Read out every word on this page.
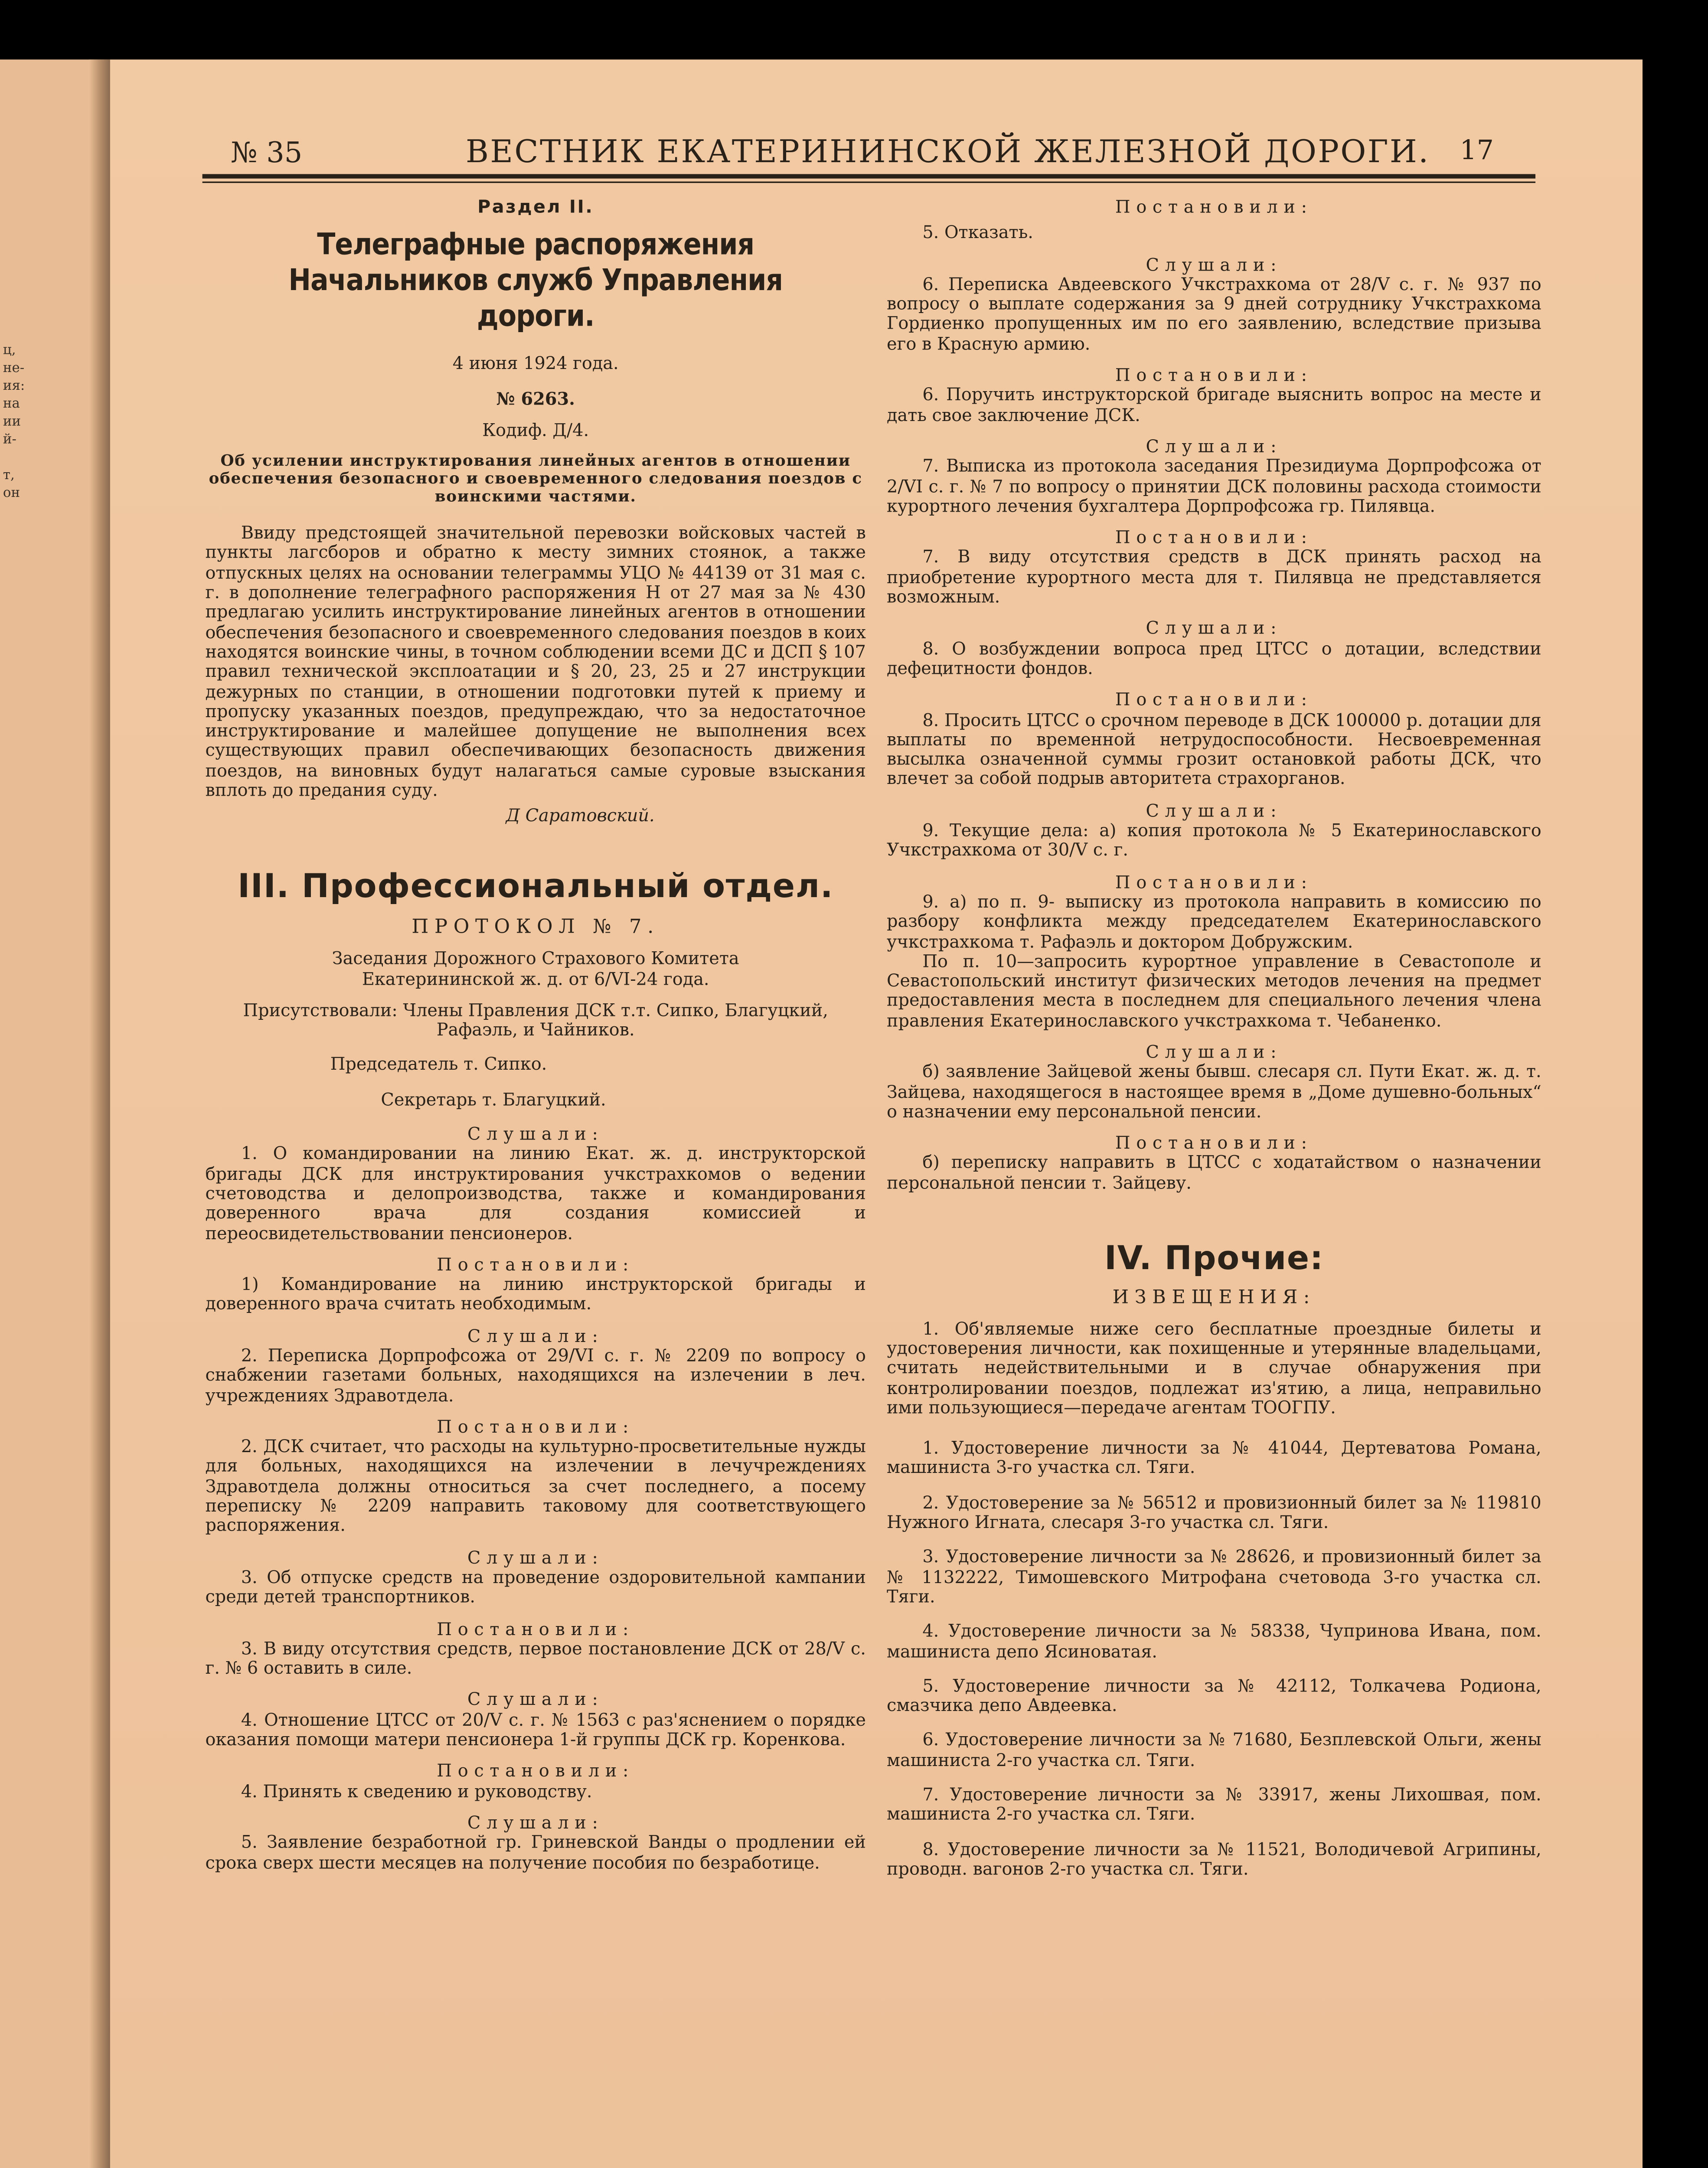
ц,
не-
ия:
на
ии
й-
т,
он
№ 35	ВЕСТНИК ЕКАТЕРИНИНСКОЙ ЖЕЛЕЗНОЙ ДОРОГИ.	17
Раздел II.
Телеграфные распоряжения Начальников служб Управления дороги.
4 июня 1924 года.
№ 6263.
Кодиф. Д/4.
Об усилении инструктирования линейных агентов в отношении обеспечения безопасного и своевременного следования поездов с воинскими частями.

Ввиду предстоящей значительной перевозки войсковых частей в пункты лагсборов и обратно к месту зимних стоянок, а также отпускных целях на основании телеграммы УЦО № 44139 от 31 мая с. г. в дополнение телеграфного распоряжения Н от 27 мая за № 430 предлагаю усилить инструктирование линейных агентов в отношении обеспечения безопасного и своевременного следования поездов в коих находятся воинские чины, в точном соблюдении всеми ДС и ДСП § 107 правил технической эксплоатации и § 20, 23, 25 и 27 инструкции дежурных по станции, в отношении подготовки путей к приему и пропуску указанных поездов, предупреждаю, что за недостаточное инструктирование и малейшее допущение не выполнения всех существующих правил обеспечивающих безопасность движения поездов, на виновных будут налагаться самые суровые взыскания вплоть до предания суду.

Д Саратовский.
III. Профессиональный отдел.
ПРОТОКОЛ № 7.
Заседания Дорожного Страхового Комитета Екатерининской ж. д. от 6/VI-24 года.
Присутствовали: Члены Правления ДСК т.т. Сипко, Благуцкий, Рафаэль, и Чайников.
Председатель т. Сипко.
Секретарь т. Благуцкий.
Слушали:

1. О командировании на линию Екат. ж. д. инструкторской бригады ДСК для инструктирования учкстрахкомов о ведении счетоводства и делопроизводства, также и командирования доверенного врача для создания комиссией и переосвидетельствовании пенсионеров.

Постановили:

1) Командирование на линию инструкторской бригады и доверенного врача считать необходимым.

Слушали:

2. Переписка Дорпрофсожа от 29/VI с. г. № 2209 по вопросу о снабжении газетами больных, находящихся на излечении в леч. учреждениях Здравотдела.

Постановили:

2. ДСК считает, что расходы на культурно-просветительные нужды для больных, находящихся на излечении в лечучреждениях Здравотдела должны относиться за счет последнего, а посему переписку № 2209 направить таковому для соответствующего распоряжения.

Слушали:

3. Об отпуске средств на проведение оздоровительной кампании среди детей транспортников.

Постановили:

3. В виду отсутствия средств, первое постановление ДСК от 28/V с. г. № 6 оставить в силе.

Слушали:

4. Отношение ЦТСС от 20/V с. г. № 1563 с раз'яснением о порядке оказания помощи матери пенсионера 1-й группы ДСК гр. Коренкова.

Постановили:

4. Принять к сведению и руководству.

Слушали:

5. Заявление безработной гр. Гриневской Ванды о продлении ей срока сверх шести месяцев на получение пособия по безработице.

Постановили:

5. Отказать.

Слушали:

6. Переписка Авдеевского Учкстрахкома от 28/V с. г. № 937 по вопросу о выплате содержания за 9 дней сотруднику Учкстрахкома Гордиенко пропущенных им по его заявлению, вследствие призыва его в Красную армию.

Постановили:

6. Поручить инструкторской бригаде выяснить вопрос на месте и дать свое заключение ДСК.

Слушали:

7. Выписка из протокола заседания Президиума Дорпрофсожа от 2/VI с. г. № 7 по вопросу о принятии ДСК половины расхода стоимости курортного лечения бухгалтера Дорпрофсожа гр. Пилявца.

Постановили:

7. В виду отсутствия средств в ДСК принять расход на приобретение курортного места для т. Пилявца не представляется возможным.

Слушали:

8. О возбуждении вопроса пред ЦТСС о дотации, вследствии дефецитности фондов.

Постановили:

8. Просить ЦТСС о срочном переводе в ДСК 100000 р. дотации для выплаты по временной нетрудоспособности. Несвоевременная высылка означенной суммы грозит остановкой работы ДСК, что влечет за собой подрыв авторитета страхорганов.

Слушали:

9. Текущие дела: а) копия протокола № 5 Екатеринославского Учкстрахкома от 30/V с. г.

Постановили:

9. а) по п. 9- выписку из протокола направить в комиссию по разбору конфликта между председателем Екатеринославского учкстрахкома т. Рафаэль и доктором Добружским.

По п. 10—запросить курортное управление в Севастополе и Севастопольский институт физических методов лечения на предмет предоставления места в последнем для специального лечения члена правления Екатеринославского учкстрахкома т. Чебаненко.

Слушали:

б) заявление Зайцевой жены бывш. слесаря сл. Пути Екат. ж. д. т. Зайцева, находящегося в настоящее время в „Доме душевно-больных“ о назначении ему персональной пенсии.

Постановили:

б) переписку направить в ЦТСС с ходатайством о назначении персональной пенсии т. Зайцеву.

IV. Прочие:
ИЗВЕЩЕНИЯ:

1. Об'являемые ниже сего бесплатные проездные билеты и удостоверения личности, как похищенные и утерянные владельцами, считать недействительными и в случае обнаружения при контролировании поездов, подлежат из'ятию, а лица, неправильно ими пользующиеся—передаче агентам ТООГПУ.

1. Удостоверение личности за № 41044, Дертеватова Романа, машиниста 3-го участка сл. Тяги.

2. Удостоверение за № 56512 и провизионный билет за № 119810 Нужного Игната, слесаря 3-го участка сл. Тяги.

3. Удостоверение личности за № 28626, и провизионный билет за № 1132222, Тимошевского Митрофана счетовода 3-го участка сл. Тяги.

4. Удостоверение личности за № 58338, Чупринова Ивана, пом. машиниста депо Ясиноватая.

5. Удостоверение личности за № 42112, Толкачева Родиона, смазчика депо Авдеевка.

6. Удостоверение личности за № 71680, Безплевской Ольги, жены машиниста 2-го участка сл. Тяги.

7. Удостоверение личности за № 33917, жены Лихошвая, пом. машиниста 2-го участка сл. Тяги.

8. Удостоверение личности за № 11521, Володичевой Агрипины, проводн. вагонов 2-го участка сл. Тяги.
